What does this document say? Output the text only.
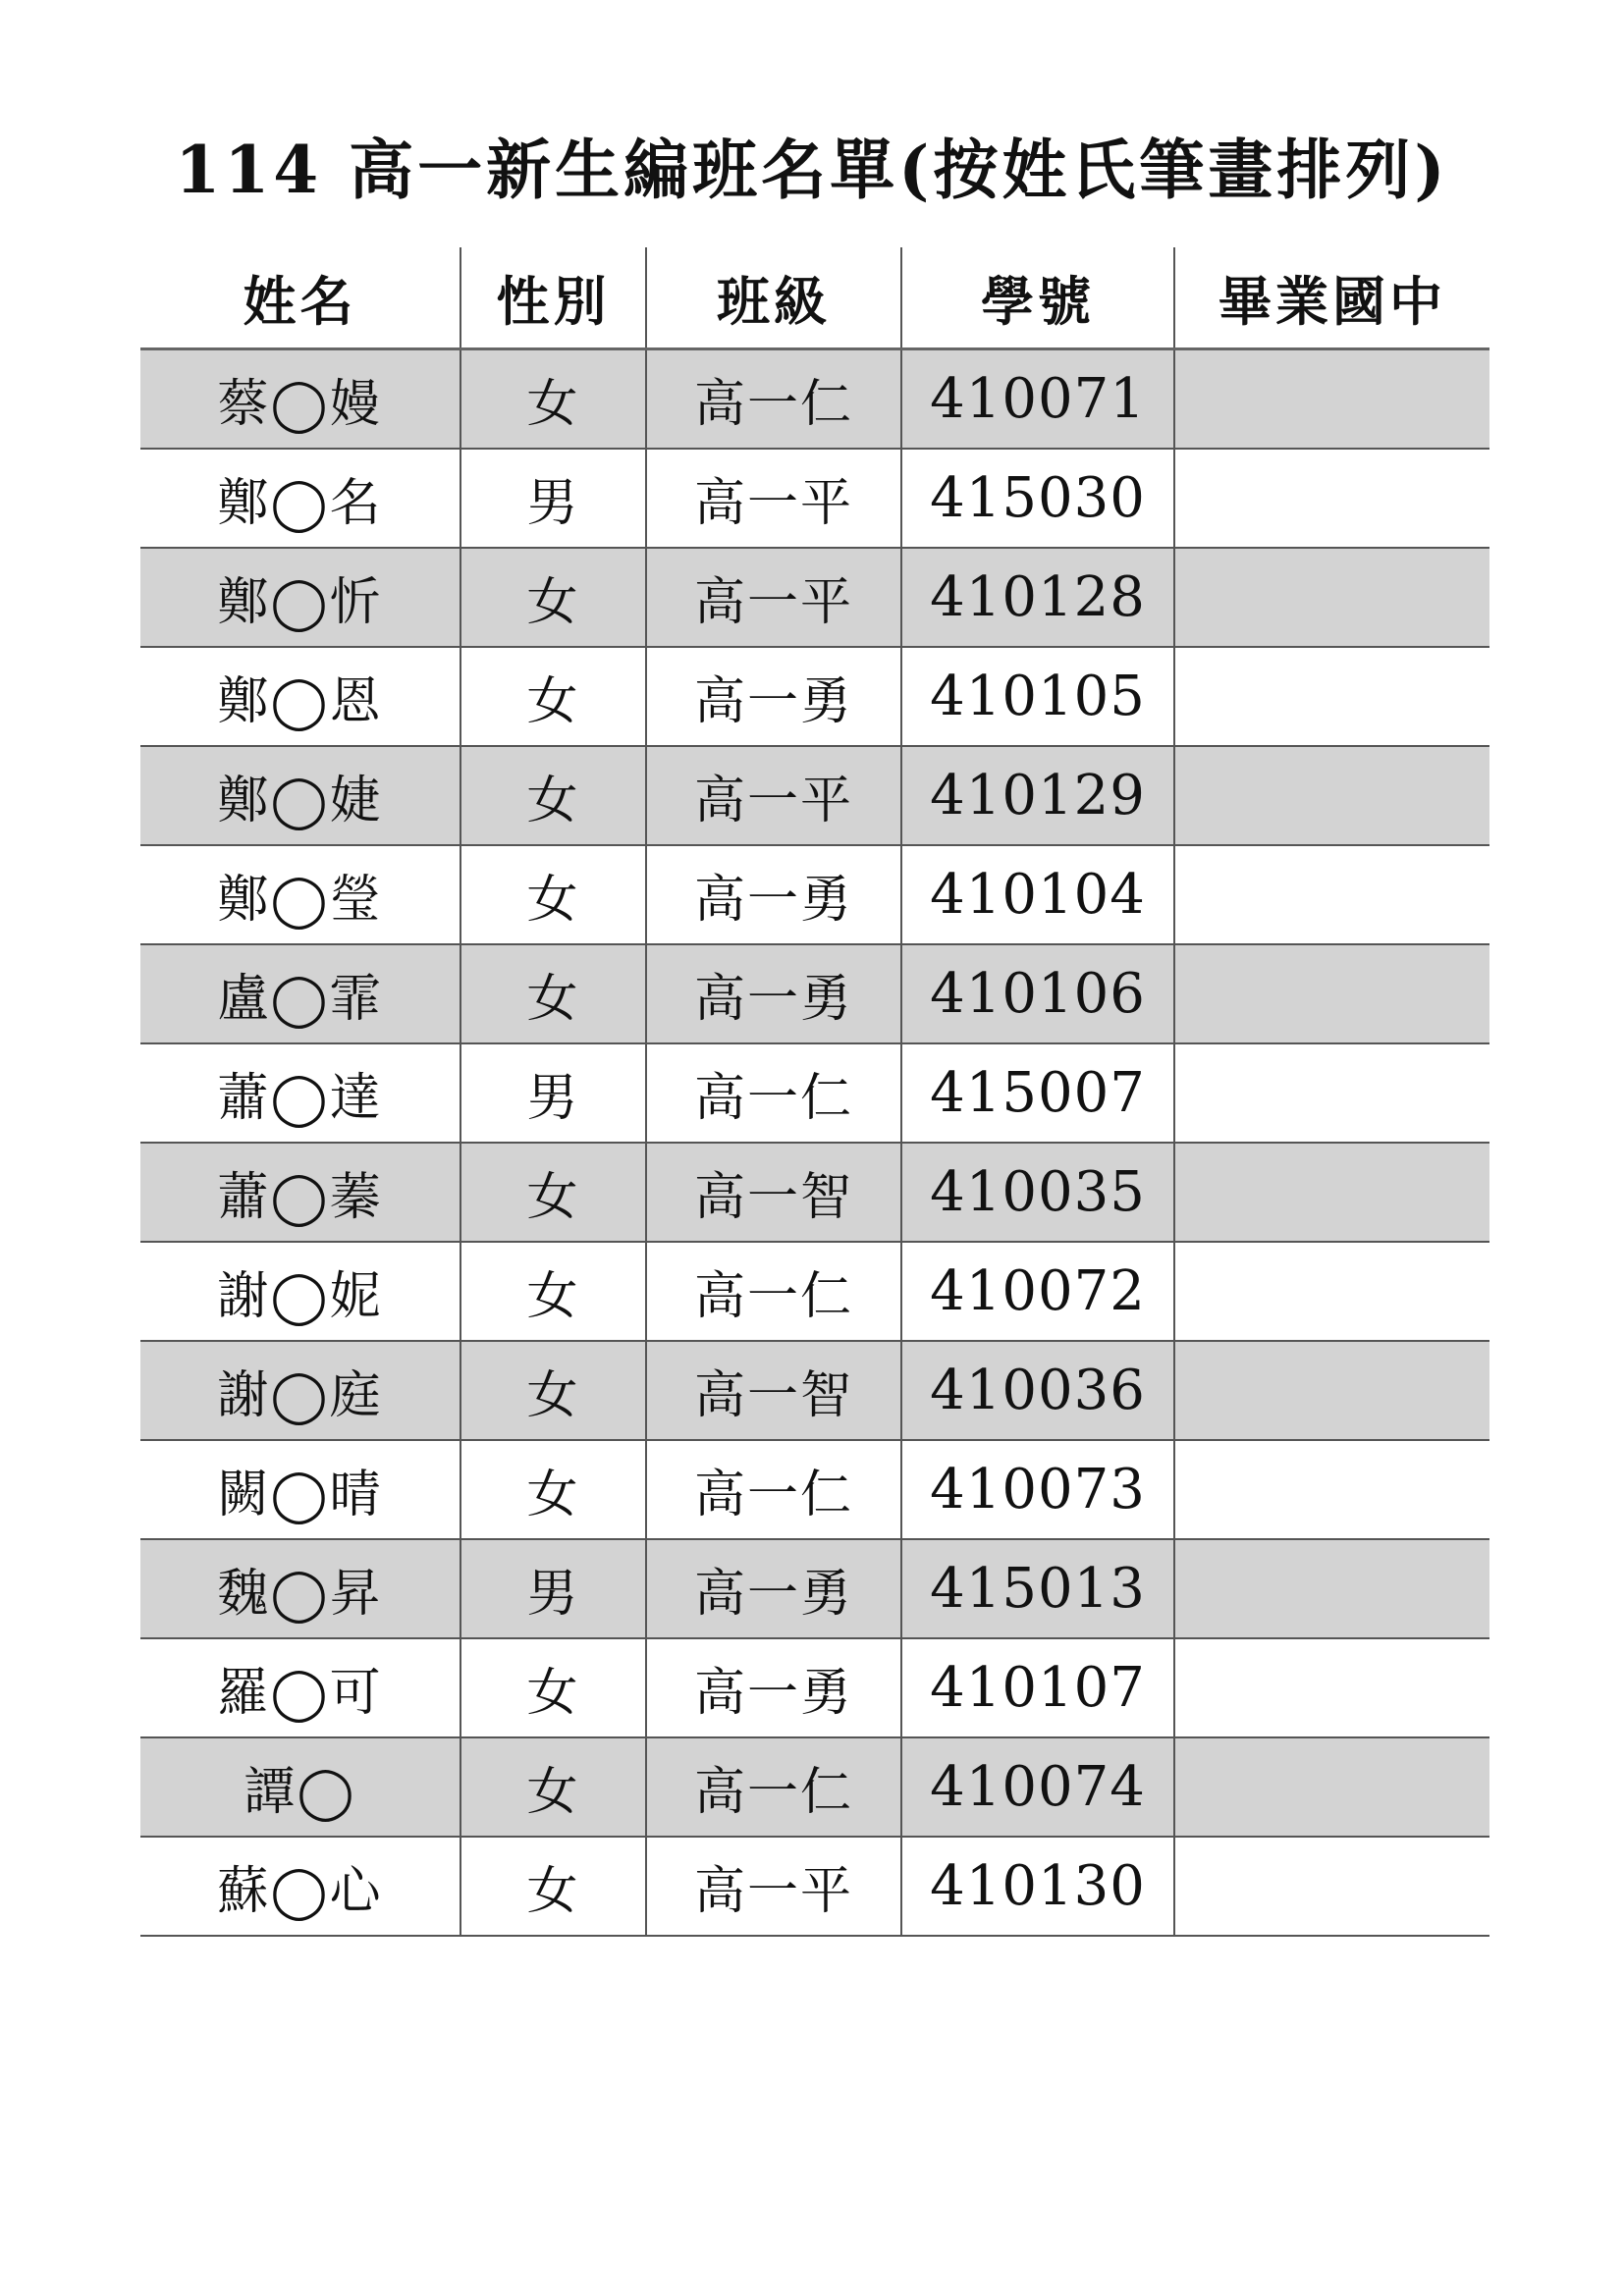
114 高一新生編班名單(按姓氏筆畫排列)
姓名	性別	班級	學號	畢業國中
蔡◯嫚	女	高一仁	410071	
鄭◯名	男	高一平	415030	
鄭◯忻	女	高一平	410128	
鄭◯恩	女	高一勇	410105	
鄭◯婕	女	高一平	410129	
鄭◯瑩	女	高一勇	410104	
盧◯霏	女	高一勇	410106	
蕭◯達	男	高一仁	415007	
蕭◯蓁	女	高一智	410035	
謝◯妮	女	高一仁	410072	
謝◯庭	女	高一智	410036	
闕◯晴	女	高一仁	410073	
魏◯昇	男	高一勇	415013	
羅◯可	女	高一勇	410107	
譚◯	女	高一仁	410074	
蘇◯心	女	高一平	410130	
